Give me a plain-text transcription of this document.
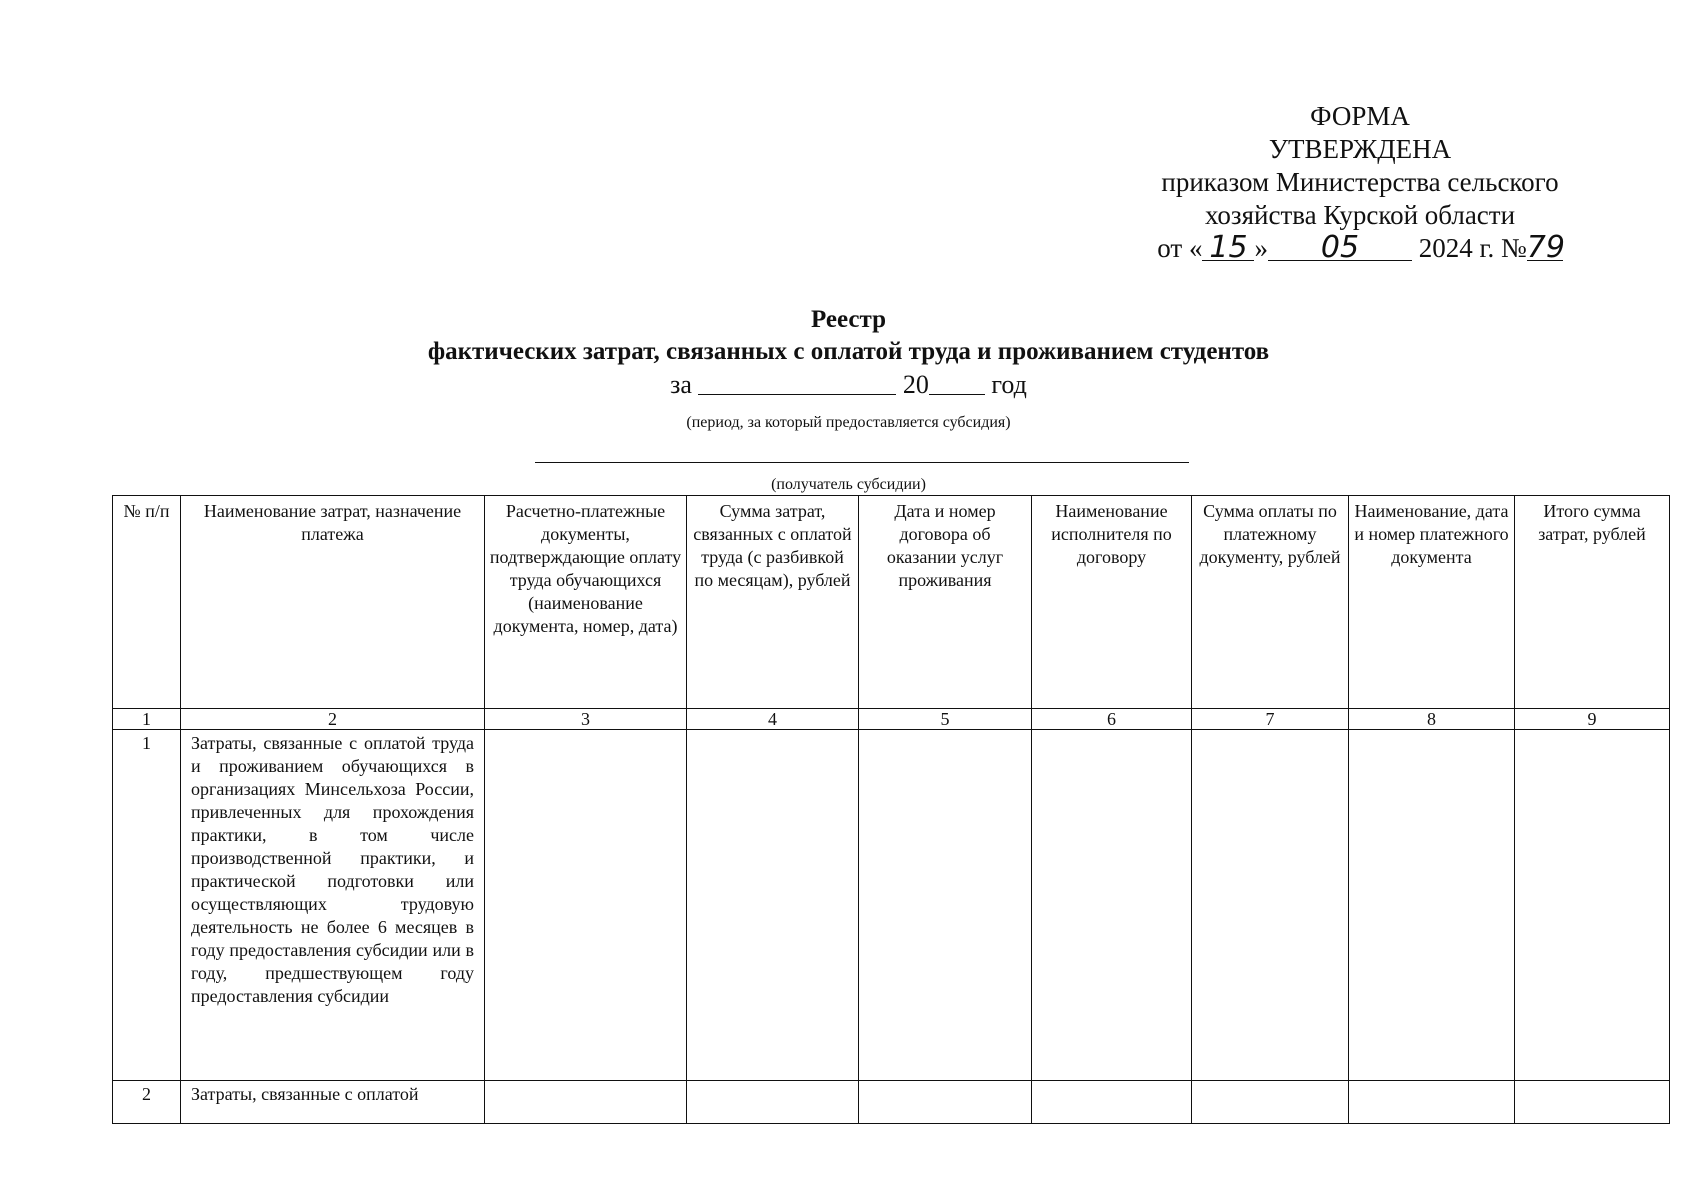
ФОРМА
УТВЕРЖДЕНА
приказом Министерства сельского
хозяйства Курской области
от « 15 » 05 2024 г. №79
Реестр
фактических затрат, связанных с оплатой труда и проживанием студентов
за	20 год
(период, за который предоставляется субсидия)
(получатель субсидии)
№ п/п	Наименование затрат, назначение платежа	Расчетно-платежные документы, подтверждающие оплату труда обучающихся (наименование документа, номер, дата)	Сумма затрат, связанных с оплатой труда (с разбивкой по месяцам), рублей	Дата и номер договора об оказании услуг проживания	Наименование исполнителя по договору	Сумма оплаты по платежному документу, рублей	Наименование, дата и номер платежного документа	Итого сумма затрат, рублей
1	2	3	4	5	6	7	8	9
1	Затраты, связанные с оплатой труда и проживанием обучающихся в организациях Минсельхоза России, привлеченных для прохождения практики, в том числе производственной практики, и практической подготовки или осуществляющих трудовую деятельность не более 6 месяцев в году предоставления субсидии или в году, предшествующем году предоставления субсидии							
2	Затраты, связанные с оплатой							
